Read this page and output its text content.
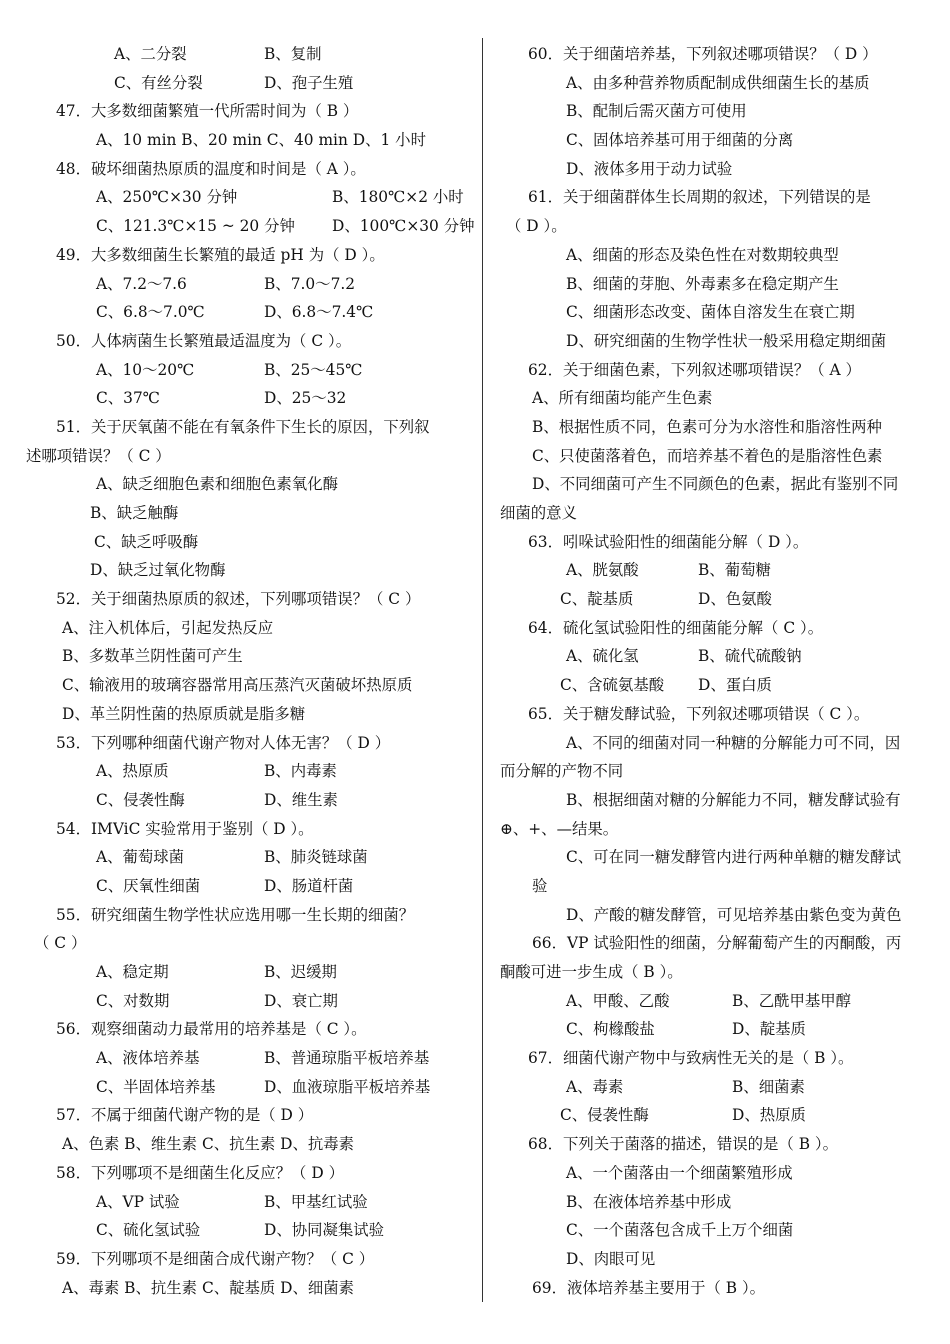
A、二分裂	B、复制
C、有丝分裂	D、孢子生殖
47．大多数细菌繁殖一代所需时间为（ B ）
A、10 min B、20 min C、40 min D、1 小时
48．破坏细菌热原质的温度和时间是（ A ）。
A、250℃×30 分钟	B、180℃×2 小时
C、121.3℃×15 ~ 20 分钟 D、100℃×30 分钟
49．大多数细菌生长繁殖的最适 pH 为（ D ）。
A、7.2～7.6	B、7.0～7.2
C、6.8～7.0℃	D、6.8～7.4℃
50．人体病菌生长繁殖最适温度为（ C ）。
A、10～20℃	B、25～45℃
C、37℃	D、25～32
51．关于厌氧菌不能在有氧条件下生长的原因，下列叙
述哪项错误？（ C ）
A、缺乏细胞色素和细胞色素氧化酶
B、缺乏触酶
C、缺乏呼吸酶
D、缺乏过氧化物酶
52．关于细菌热原质的叙述，下列哪项错误？（ C ）
A、注入机体后，引起发热反应
B、多数革兰阴性菌可产生
C、输液用的玻璃容器常用高压蒸汽灭菌破坏热原质
D、革兰阴性菌的热原质就是脂多糖
53．下列哪种细菌代谢产物对人体无害？（ D ）
A、热原质	B、内毒素
C、侵袭性酶	D、维生素
54．IMViC 实验常用于鉴别（ D ）。
A、葡萄球菌	B、肺炎链球菌
C、厌氧性细菌	D、肠道杆菌
55．研究细菌生物学性状应选用哪一生长期的细菌？
（ C ）
A、稳定期	B、迟缓期
C、对数期	D、衰亡期
56．观察细菌动力最常用的培养基是（ C ）。
A、液体培养基	B、普通琼脂平板培养基
C、半固体培养基	D、血液琼脂平板培养基
57．不属于细菌代谢产物的是（ D ）
A、色素 B、维生素 C、抗生素 D、抗毒素
58．下列哪项不是细菌生化反应？（ D ）
A、VP 试验	B、甲基红试验
C、硫化氢试验	D、协同凝集试验
59．下列哪项不是细菌合成代谢产物？（ C ）
A、毒素 B、抗生素 C、靛基质 D、细菌素
60．关于细菌培养基，下列叙述哪项错误？（ D ）
A、由多种营养物质配制成供细菌生长的基质
B、配制后需灭菌方可使用
C、固体培养基可用于细菌的分离
D、液体多用于动力试验
61．关于细菌群体生长周期的叙述，下列错误的是
（ D ）。
A、细菌的形态及染色性在对数期较典型
B、细菌的芽胞、外毒素多在稳定期产生
C、细菌形态改变、菌体自溶发生在衰亡期
D、研究细菌的生物学性状一般采用稳定期细菌
62．关于细菌色素，下列叙述哪项错误？（ A ）
A、所有细菌均能产生色素
B、根据性质不同，色素可分为水溶性和脂溶性两种
C、只使菌落着色，而培养基不着色的是脂溶性色素
D、不同细菌可产生不同颜色的色素，据此有鉴别不同
细菌的意义
63．吲哚试验阳性的细菌能分解（ D ）。
A、胱氨酸	B、葡萄糖
C、靛基质	D、色氨酸
64．硫化氢试验阳性的细菌能分解（ C ）。
A、硫化氢	B、硫代硫酸钠
C、含硫氨基酸 D、蛋白质
65．关于糖发酵试验，下列叙述哪项错误（ C ）。
A、不同的细菌对同一种糖的分解能力可不同，因
而分解的产物不同
B、根据细菌对糖的分解能力不同，糖发酵试验有
⊕、+、—结果。
C、可在同一糖发酵管内进行两种单糖的糖发酵试
验
D、产酸的糖发酵管，可见培养基由紫色变为黄色
66．VP 试验阳性的细菌，分解葡萄产生的丙酮酸，丙
酮酸可进一步生成（ B ）。
A、甲酸、乙酸	B、乙酰甲基甲醇
C、枸橼酸盐	D、靛基质
67．细菌代谢产物中与致病性无关的是（ B ）。
A、毒素	B、细菌素
C、侵袭性酶	D、热原质
68．下列关于菌落的描述，错误的是（ B ）。
A、一个菌落由一个细菌繁殖形成
B、在液体培养基中形成
C、一个菌落包含成千上万个细菌
D、肉眼可见
69．液体培养基主要用于（ B ）。
